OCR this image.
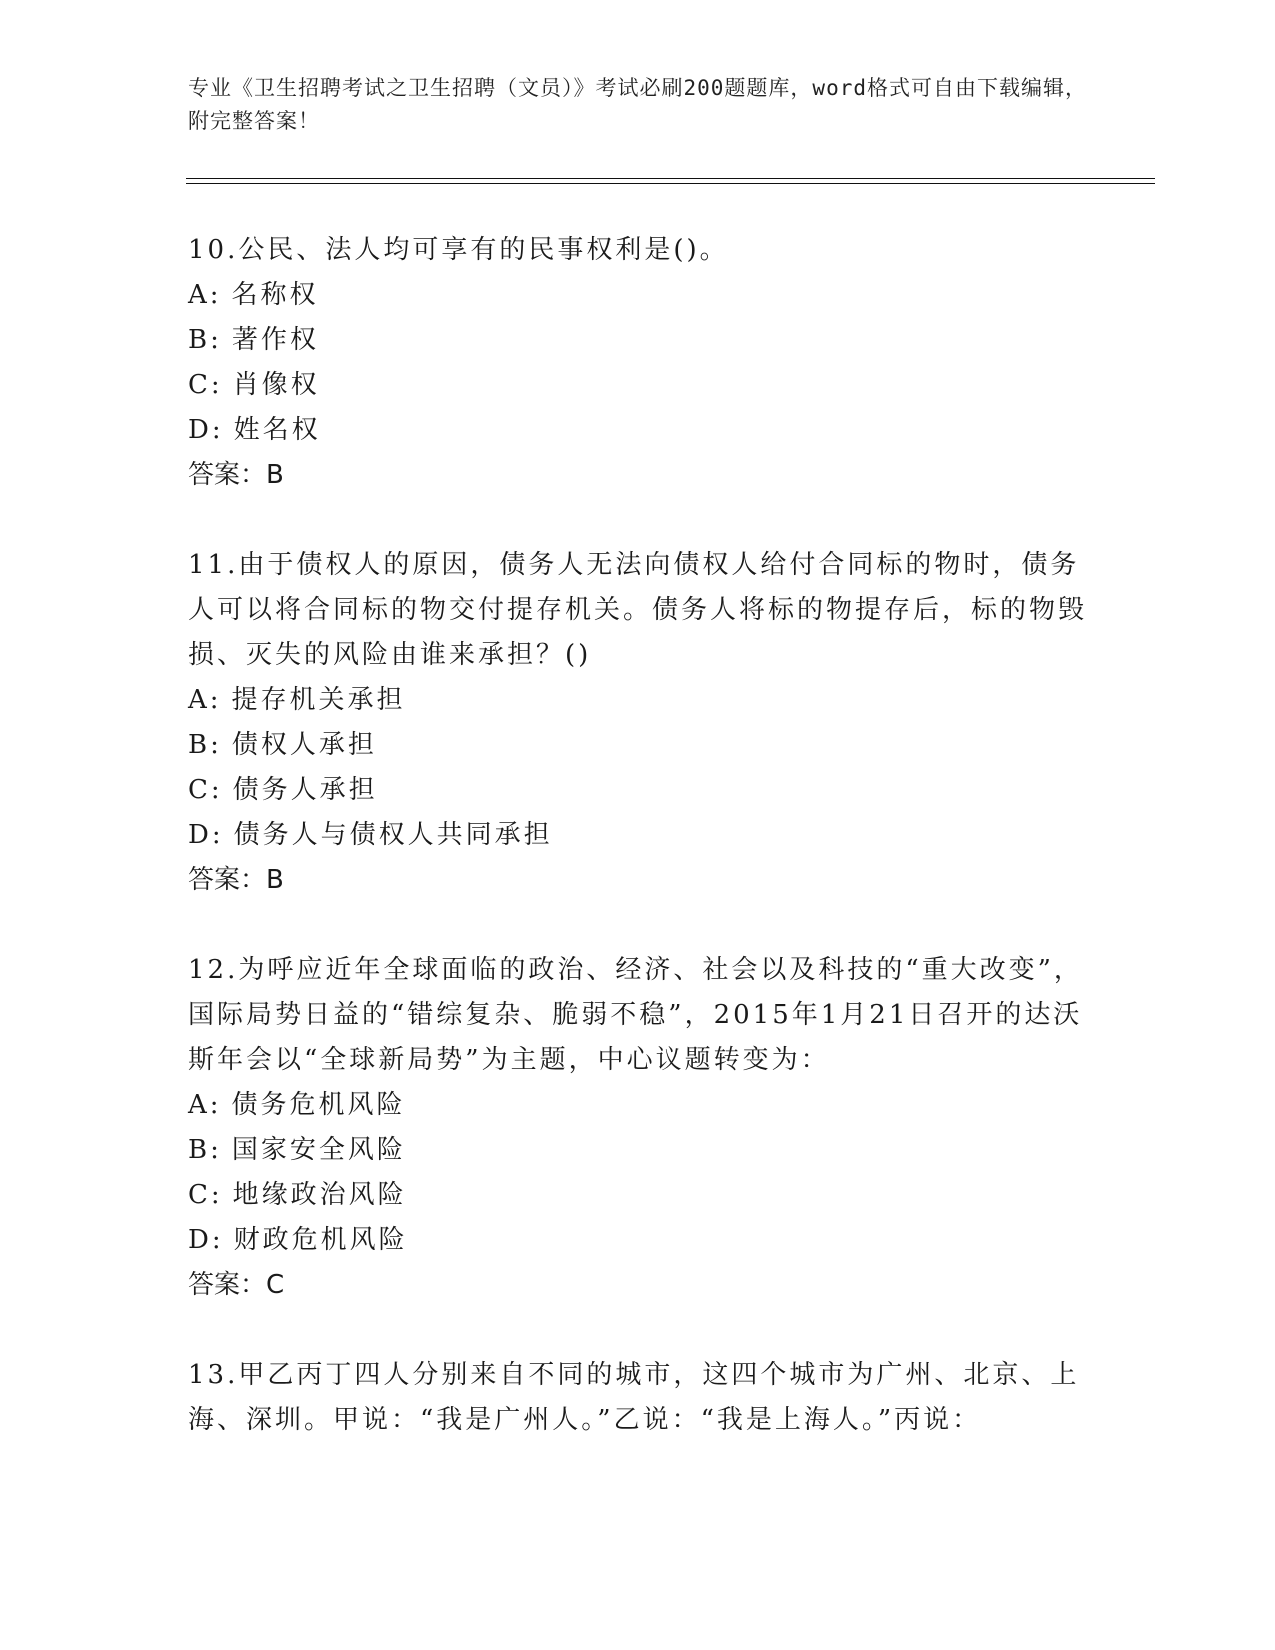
专业《卫生招聘考试之卫生招聘（文员）》考试必刷200题题库，word格式可自由下载编辑，附完整答案！

10.公民、法人均可享有的民事权利是()。

A: 名称权
B: 著作权
C: 肖像权
D: 姓名权

答案：B

11.由于债权人的原因，债务人无法向债权人给付合同标的物时，债务人可以将合同标的物交付提存机关。债务人将标的物提存后，标的物毁损、灭失的风险由谁来承担？()

A: 提存机关承担
B: 债权人承担
C: 债务人承担
D: 债务人与债权人共同承担

答案：B

12.为呼应近年全球面临的政治、经济、社会以及科技的“重大改变”，国际局势日益的“错综复杂、脆弱不稳”，2015年1月21日召开的达沃斯年会以“全球新局势”为主题，中心议题转变为：

A: 债务危机风险
B: 国家安全风险
C: 地缘政治风险
D: 财政危机风险

答案：C

13.甲乙丙丁四人分别来自不同的城市，这四个城市为广州、北京、上海、深圳。甲说：“我是广州人。”乙说：“我是上海人。”丙说：
